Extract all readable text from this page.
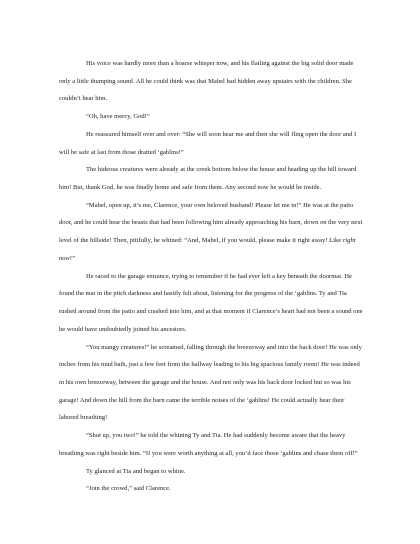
His voice was hardly more than a hoarse whisper now, and his flailing against the big solid door made only a little thumping sound. All he could think was that Mabel had hidden away upstairs with the children. She couldn’t hear him.

“Oh, have mercy, God!”

He reassured himself over and over: “She will soon hear me and then she will fling open the door and I will be safe at last from those dratted ‘gablins!”

The hideous creatures were already at the creek bottom below the house and heading up the hill toward him! But, thank God, he was finally home and safe from them. Any second now he would be inside.

“Mabel, open up, it’s me, Clarence, your own beloved husband! Please let me in!” He was at the patio door, and he could hear the beasts that had been following him already approaching his barn, down on the very next level of the hillside! Then, pitifully, he whined: “And, Mabel, if you would, please make it right away! Like right now!”

He raced to the garage entrance, trying to remember if he had ever left a key beneath the doormat. He found the mat in the pitch darkness and hastily felt about, listening for the progress of the ‘gablins. Ty and Tia rushed around from the patio and crashed into him, and at that moment if Clarence’s heart had not been a sound one he would have undoubtedly joined his ancestors.

“You mangy creatures!” he screamed, falling through the breezeway and into the back door! He was only inches from his mud bath, just a few feet from the hallway leading to his big spacious family room! He was indeed in his own breezeway, between the garage and the house. And not only was his back door locked but so was his garage! And down the hill from the barn came the terrible noises of the ‘gablins! He could actually hear their labored breathing!

“Shut up, you two!” he told the whining Ty and Tia. He had suddenly become aware that the heavy breathing was right beside him. “If you were worth anything at all, you’d face those ‘gablins and chase them off!”

Ty glanced at Tia and began to whine.

“Join the crowd,” said Clarence.
